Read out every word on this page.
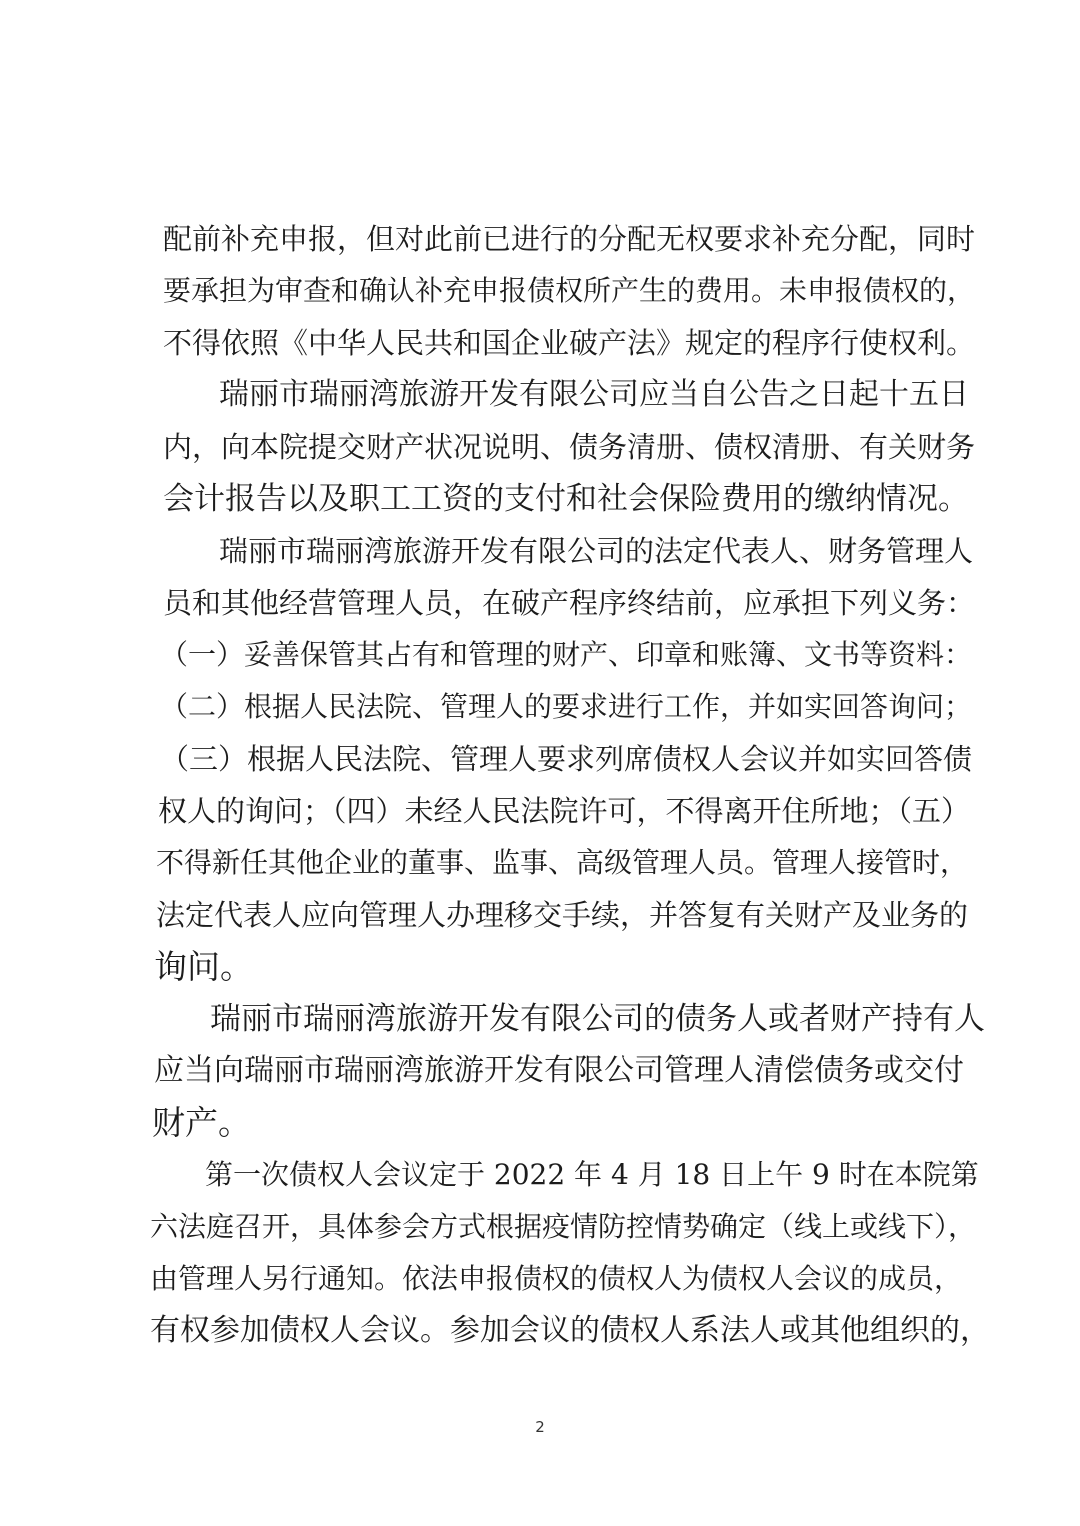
配前补充申报，但对此前已进行的分配无权要求补充分配，同时
要承担为审查和确认补充申报债权所产生的费用。未申报债权的，
不得依照《中华人民共和国企业破产法》规定的程序行使权利。
瑞丽市瑞丽湾旅游开发有限公司应当自公告之日起十五日
内，向本院提交财产状况说明、债务清册、债权清册、有关财务
会计报告以及职工工资的支付和社会保险费用的缴纳情况。
瑞丽市瑞丽湾旅游开发有限公司的法定代表人、财务管理人
员和其他经营管理人员，在破产程序终结前，应承担下列义务：
（一）妥善保管其占有和管理的财产、印章和账簿、文书等资料：
（二）根据人民法院、管理人的要求进行工作，并如实回答询问；
（三）根据人民法院、管理人要求列席债权人会议并如实回答债
权人的询问；（四）未经人民法院许可，不得离开住所地；（五）
不得新任其他企业的董事、监事、高级管理人员。管理人接管时，
法定代表人应向管理人办理移交手续，并答复有关财产及业务的
询问。
瑞丽市瑞丽湾旅游开发有限公司的债务人或者财产持有人
应当向瑞丽市瑞丽湾旅游开发有限公司管理人清偿债务或交付
财产。
第一次债权人会议定于 2022 年 4 月 18 日上午 9 时在本院第
六法庭召开，具体参会方式根据疫情防控情势确定（线上或线下），
由管理人另行通知。依法申报债权的债权人为债权人会议的成员，
有权参加债权人会议。参加会议的债权人系法人或其他组织的，
2
